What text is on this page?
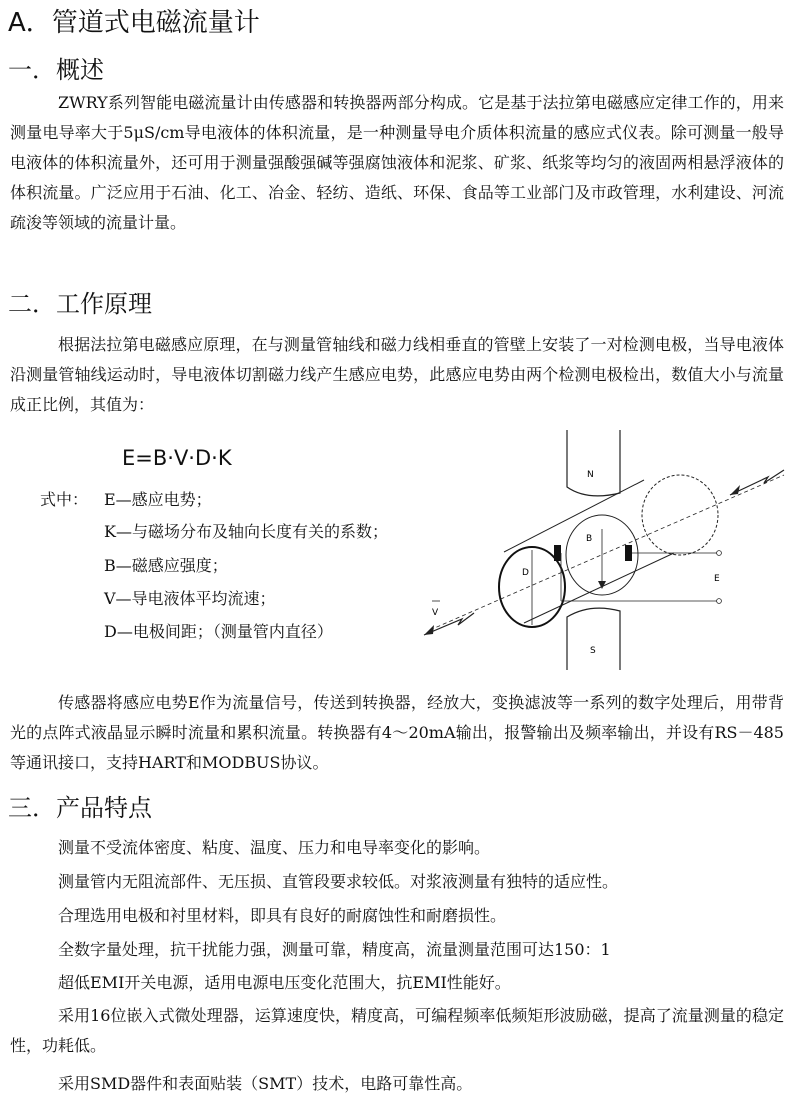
A．管道式电磁流量计
一．概述
ZWRY系列智能电磁流量计由传感器和转换器两部分构成。它是基于法拉第电磁感应定律工作的，用来测量电导率大于5μS/cm导电液体的体积流量，是一种测量导电介质体积流量的感应式仪表。除可测量一般导电液体的体积流量外，还可用于测量强酸强碱等强腐蚀液体和泥浆、矿浆、纸浆等均匀的液固两相悬浮液体的体积流量。广泛应用于石油、化工、冶金、轻纺、造纸、环保、食品等工业部门及市政管理，水利建设、河流疏浚等领域的流量计量。
二．工作原理
根据法拉第电磁感应原理，在与测量管轴线和磁力线相垂直的管壁上安装了一对检测电极，当导电液体沿测量管轴线运动时，导电液体切割磁力线产生感应电势，此感应电势由两个检测电极检出，数值大小与流量成正比例，其值为：
E=B·V·D·K
式中： E—感应电势；
K—与磁场分布及轴向长度有关的系数；
B—磁感应强度；
V—导电液体平均流速；
D—电极间距；（测量管内直径）
N
S
D
B
E
V
传感器将感应电势E作为流量信号，传送到转换器，经放大，变换滤波等一系列的数字处理后，用带背光的点阵式液晶显示瞬时流量和累积流量。转换器有4～20mA输出，报警输出及频率输出，并设有RS－485等通讯接口，支持HART和MODBUS协议。
三．产品特点
测量不受流体密度、粘度、温度、压力和电导率变化的影响。
测量管内无阻流部件、无压损、直管段要求较低。对浆液测量有独特的适应性。
合理选用电极和衬里材料，即具有良好的耐腐蚀性和耐磨损性。
全数字量处理，抗干扰能力强，测量可靠，精度高，流量测量范围可达150：1
超低EMI开关电源，适用电源电压变化范围大，抗EMI性能好。
采用16位嵌入式微处理器，运算速度快，精度高，可编程频率低频矩形波励磁，提高了流量测量的稳定性，功耗低。
采用SMD器件和表面贴装（SMT）技术，电路可靠性高。
